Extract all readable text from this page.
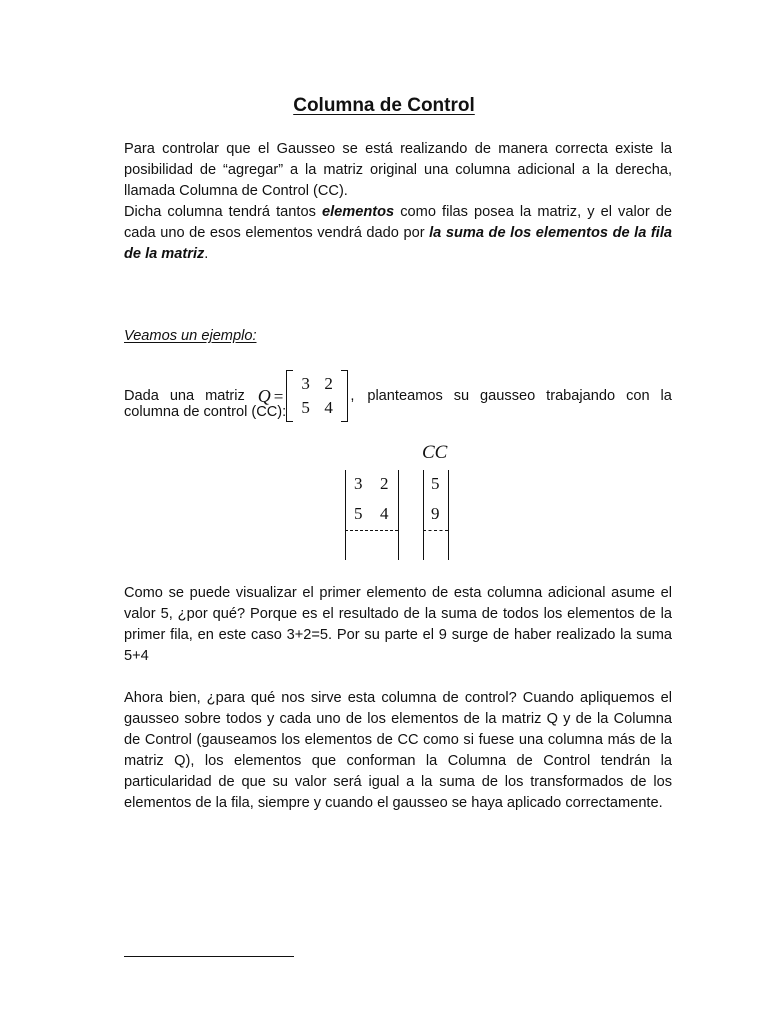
Columna de Control

Para controlar que el Gausseo se está realizando de manera correcta existe la posibilidad de “agregar” a la matriz original una columna adicional a la derecha, llamada Columna de Control (CC).
Dicha columna tendrá tantos elementos como filas posea la matriz, y el valor de cada uno de esos elementos vendrá dado por la suma de los elementos de la fila de la matriz.

Veamos un ejemplo:
Dada una matriz Q =
3 2
5 4
, planteamos su gausseo trabajando con la
columna de control (CC):
CC
3 2
5 4
5
9

Como se puede visualizar el primer elemento de esta columna adicional asume el valor 5, ¿por qué? Porque es el resultado de la suma de todos los elementos de la primer fila, en este caso 3+2=5. Por su parte el 9 surge de haber realizado la suma 5+4

Ahora bien, ¿para qué nos sirve esta columna de control? Cuando apliquemos el gausseo sobre todos y cada uno de los elementos de la matriz Q y de la Columna de Control (gauseamos los elementos de CC como si fuese una columna más de la matriz Q), los elementos que conforman la Columna de Control tendrán la particularidad de que su valor será igual a la suma de los transformados de los elementos de la fila, siempre y cuando el gausseo se haya aplicado correctamente.
